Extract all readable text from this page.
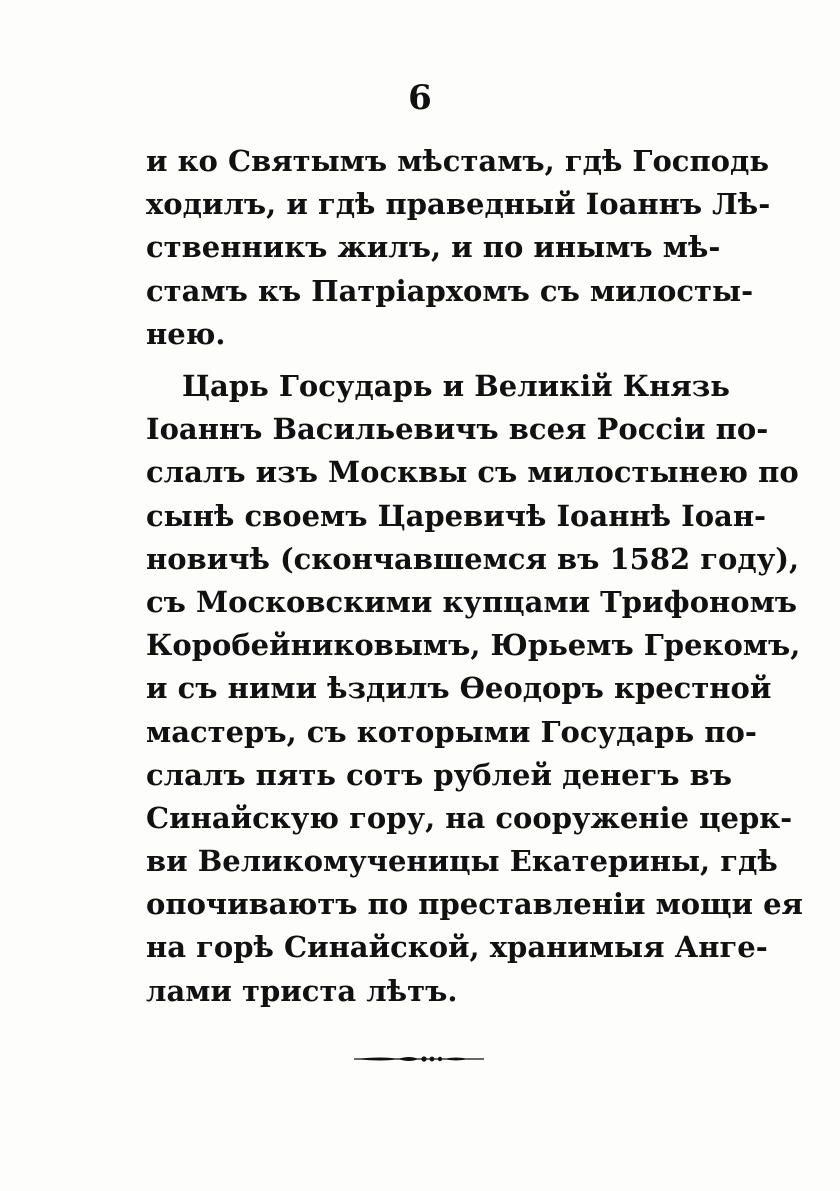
6
и ко Святымъ мѣстамъ, гдѣ Господь
ходилъ, и гдѣ праведный Іоаннъ Лѣ-
ственникъ жилъ, и по инымъ мѣ-
стамъ къ Патріархомъ съ милосты-
нею.
Царь Государь и Великій Князь
Іоаннъ Васильевичъ всея Россіи по-
слалъ изъ Москвы съ милостынею по
сынѣ своемъ Царевичѣ Іоаннѣ Іоан-
новичѣ (скончавшемся въ 1582 году),
съ Московскими купцами Трифономъ
Коробейниковымъ, Юрьемъ Грекомъ,
и съ ними ѣздилъ Ѳеодоръ крестной
мастеръ, съ которыми Государь по-
слалъ пять сотъ рублей денегъ въ
Синайскую гору, на сооруженіе церк-
ви Великомученицы Екатерины, гдѣ
опочиваютъ по преставленіи мощи ея
на горѣ Синайской, хранимыя Анге-
лами триста лѣтъ.
